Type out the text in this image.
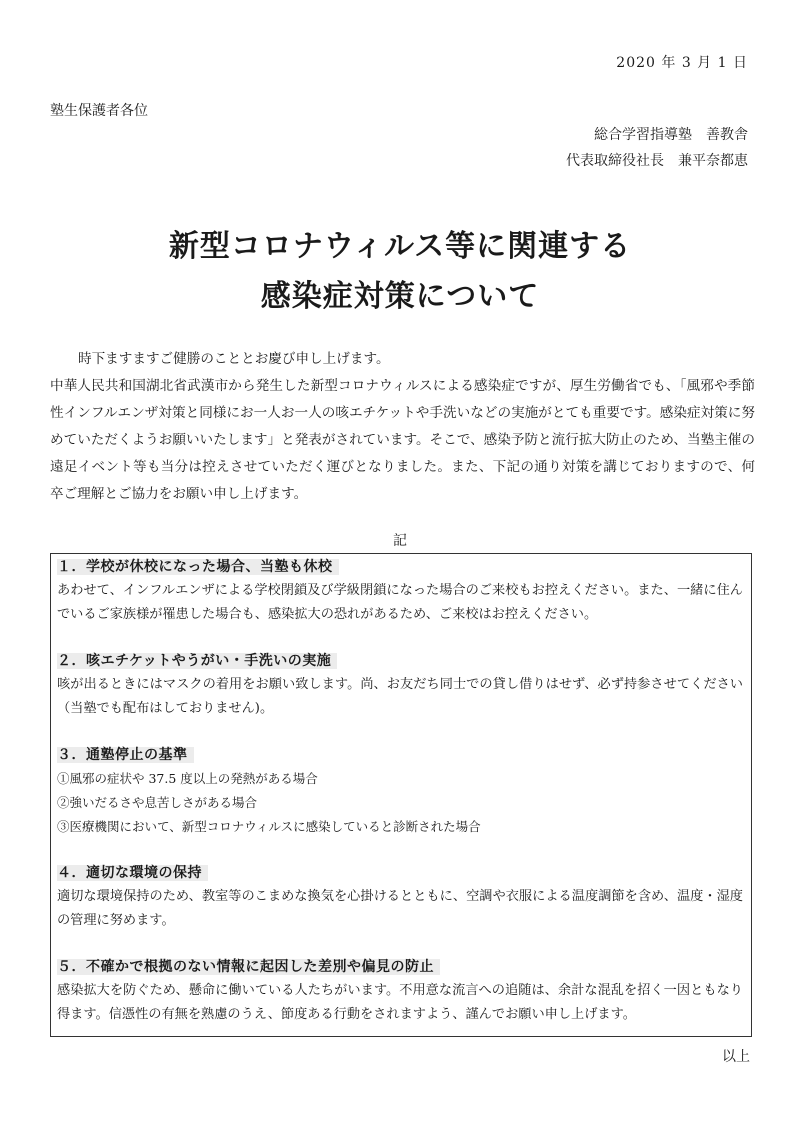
2020 年 3 月 1 日
塾生保護者各位
総合学習指導塾　善教舎
代表取締役社長　兼平奈都恵
新型コロナウィルス等に関連する
感染症対策について

時下ますますご健勝のこととお慶び申し上げます。

中華人民共和国湖北省武漢市から発生した新型コロナウィルスによる感染症ですが、厚生労働省でも、「風邪や季節性インフルエンザ対策と同様にお一人お一人の咳エチケットや手洗いなどの実施がとても重要です。感染症対策に努めていただくようお願いいたします」と発表がされています。そこで、感染予防と流行拡大防止のため、当塾主催の遠足イベント等も当分は控えさせていただく運びとなりました。また、下記の通り対策を講じておりますので、何卒ご理解とご協力をお願い申し上げます。

記
１．学校が休校になった場合、当塾も休校

あわせて、インフルエンザによる学校閉鎖及び学級閉鎖になった場合のご来校もお控えください。また、一緒に住んでいるご家族様が罹患した場合も、感染拡大の恐れがあるため、ご来校はお控えください。

２．咳エチケットやうがい・手洗いの実施

咳が出るときにはマスクの着用をお願い致します。尚、お友だち同士での貸し借りはせず、必ず持参させてください（当塾でも配布はしておりません)。

３．通塾停止の基準
①風邪の症状や 37.5 度以上の発熱がある場合
②強いだるさや息苦しさがある場合
③医療機関において、新型コロナウィルスに感染していると診断された場合
４．適切な環境の保持

適切な環境保持のため、教室等のこまめな換気を心掛けるとともに、空調や衣服による温度調節を含め、温度・湿度の管理に努めます。

５．不確かで根拠のない情報に起因した差別や偏見の防止

感染拡大を防ぐため、懸命に働いている人たちがいます。不用意な流言への追随は、余計な混乱を招く一因ともなり得ます。信憑性の有無を熟慮のうえ、節度ある行動をされますよう、謹んでお願い申し上げます。

以上
